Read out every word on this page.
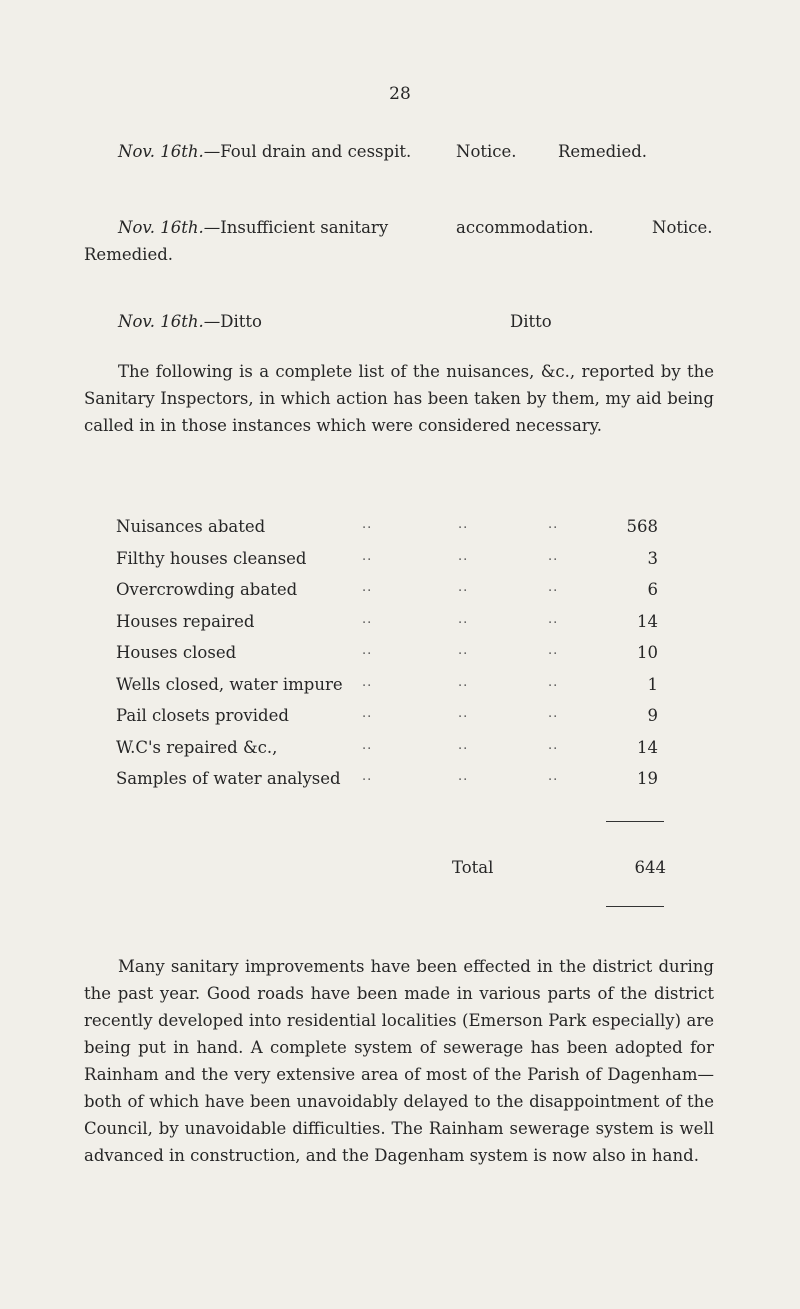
28
Nov. 16th.—Foul drain and cesspit.	Notice.	Remedied.
Nov. 16th.—Insufficient sanitary	accommodation.	Notice.
Remedied.
Nov. 16th.—Ditto	Ditto
The following is a complete list of the nuisances, &c., reported by the Sanitary Inspectors, in which action has been taken by them, my aid being called in in those instances which were considered necessary.
Nuisances abated	..	..	..	568
Filthy houses cleansed	..	..	..	3
Overcrowding abated	..	..	..	6
Houses repaired	..	..	..	14
Houses closed	..	..	..	10
Wells closed, water impure ..	..	..	1
Pail closets provided	..	..	..	9
W.C's repaired &c.,	..	..	..	14
Samples of water analysed ..	..	..	19
Total	644
Many sanitary improvements have been effected in the district during the past year. Good roads have been made in various parts of the district recently developed into residential localities (Emerson Park especially) are being put in hand. A complete system of sewerage has been adopted for Rainham and the very extensive area of most of the Parish of Dagenham—both of which have been unavoidably delayed to the disappointment of the Council, by unavoidable difficulties. The Rainham sewerage system is well advanced in construction, and the Dagenham system is now also in hand.
